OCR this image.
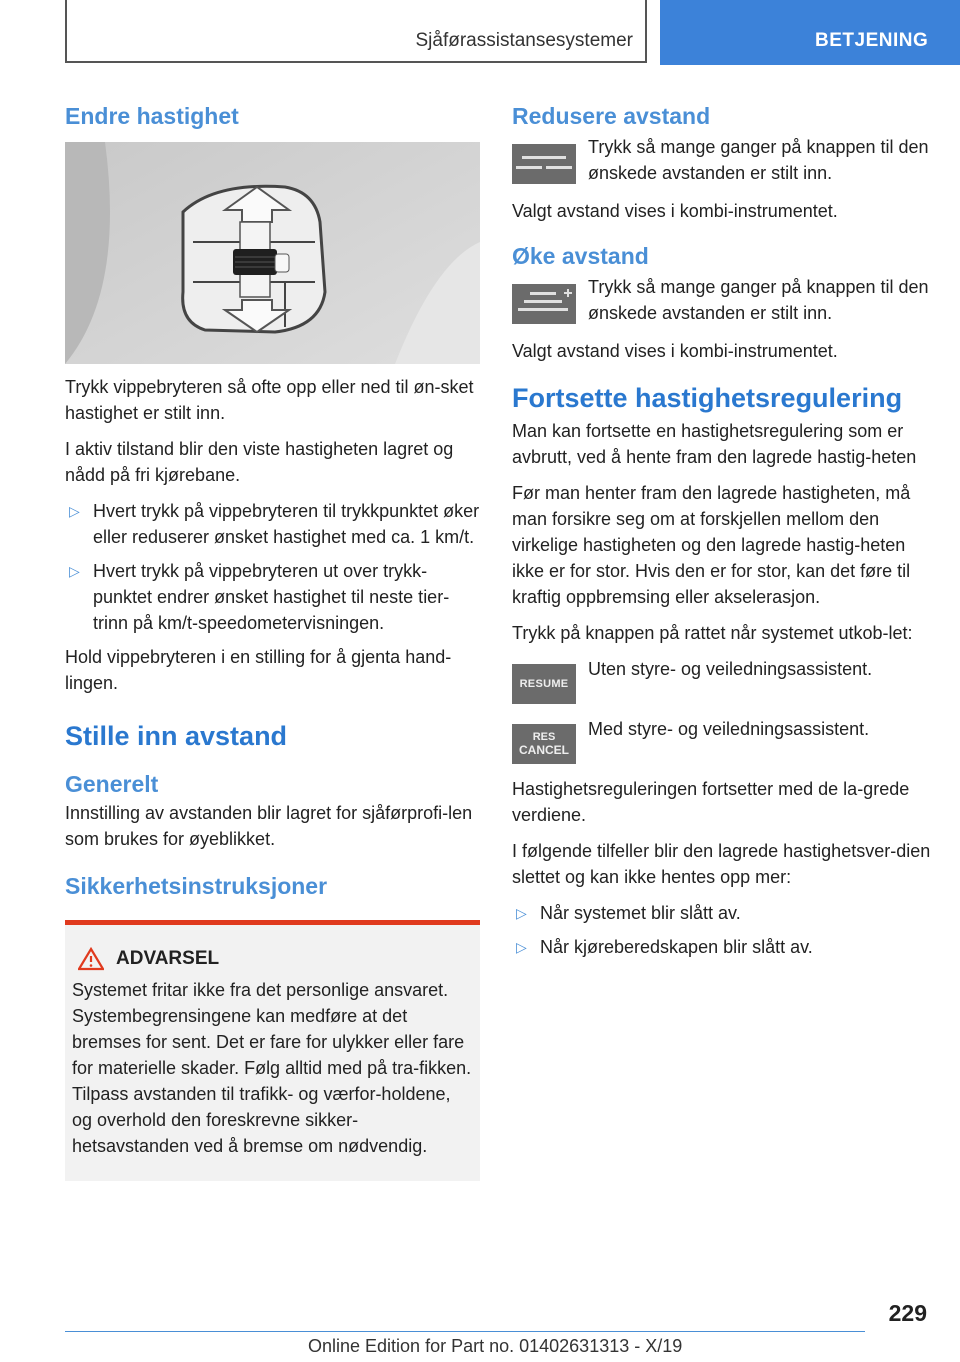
Sjåførassistansesystemer	BETJENING
Endre hastighet

Trykk vippebryteren så ofte opp eller ned til øn-sket hastighet er stilt inn.

I aktiv tilstand blir den viste hastigheten lagret og nådd på fri kjørebane.

▷ Hvert trykk på vippebryteren til trykkpunktet øker eller reduserer ønsket hastighet med ca. 1 km/t.
▷ Hvert trykk på vippebryteren ut over trykk-punktet endrer ønsket hastighet til neste tier-trinn på km/t-speedometervisningen.

Hold vippebryteren i en stilling for å gjenta hand-lingen.

Stille inn avstand
Generelt

Innstilling av avstanden blir lagret for sjåførprofi-len som brukes for øyeblikket.

Sikkerhetsinstruksjoner
ADVARSEL

Systemet fritar ikke fra det personlige ansvaret. Systembegrensingene kan medføre at det bremses for sent. Det er fare for ulykker eller fare for materielle skader. Følg alltid med på tra-fikken. Tilpass avstanden til trafikk- og værfor-holdene, og overhold den foreskrevne sikker-hetsavstanden ved å bremse om nødvendig.

Redusere avstand

Trykk så mange ganger på knappen til den ønskede avstanden er stilt inn.

Valgt avstand vises i kombi-instrumentet.

Øke avstand

Trykk så mange ganger på knappen til den ønskede avstanden er stilt inn.

Valgt avstand vises i kombi-instrumentet.

Fortsette hastighetsregulering

Man kan fortsette en hastighetsregulering som er avbrutt, ved å hente fram den lagrede hastig-heten

Før man henter fram den lagrede hastigheten, må man forsikre seg om at forskjellen mellom den virkelige hastigheten og den lagrede hastig-heten ikke er for stor. Hvis den er for stor, kan det føre til kraftig oppbremsing eller akselerasjon.

Trykk på knappen på rattet når systemet utkob-let:

RESUME

Uten styre- og veiledningsassistent.

RES
CANCEL

Med styre- og veiledningsassistent.

Hastighetsreguleringen fortsetter med de la-grede verdiene.

I følgende tilfeller blir den lagrede hastighetsver-dien slettet og kan ikke hentes opp mer:

▷ Når systemet blir slått av.
▷ Når kjøreberedskapen blir slått av.
229
Online Edition for Part no. 01402631313 - X/19
